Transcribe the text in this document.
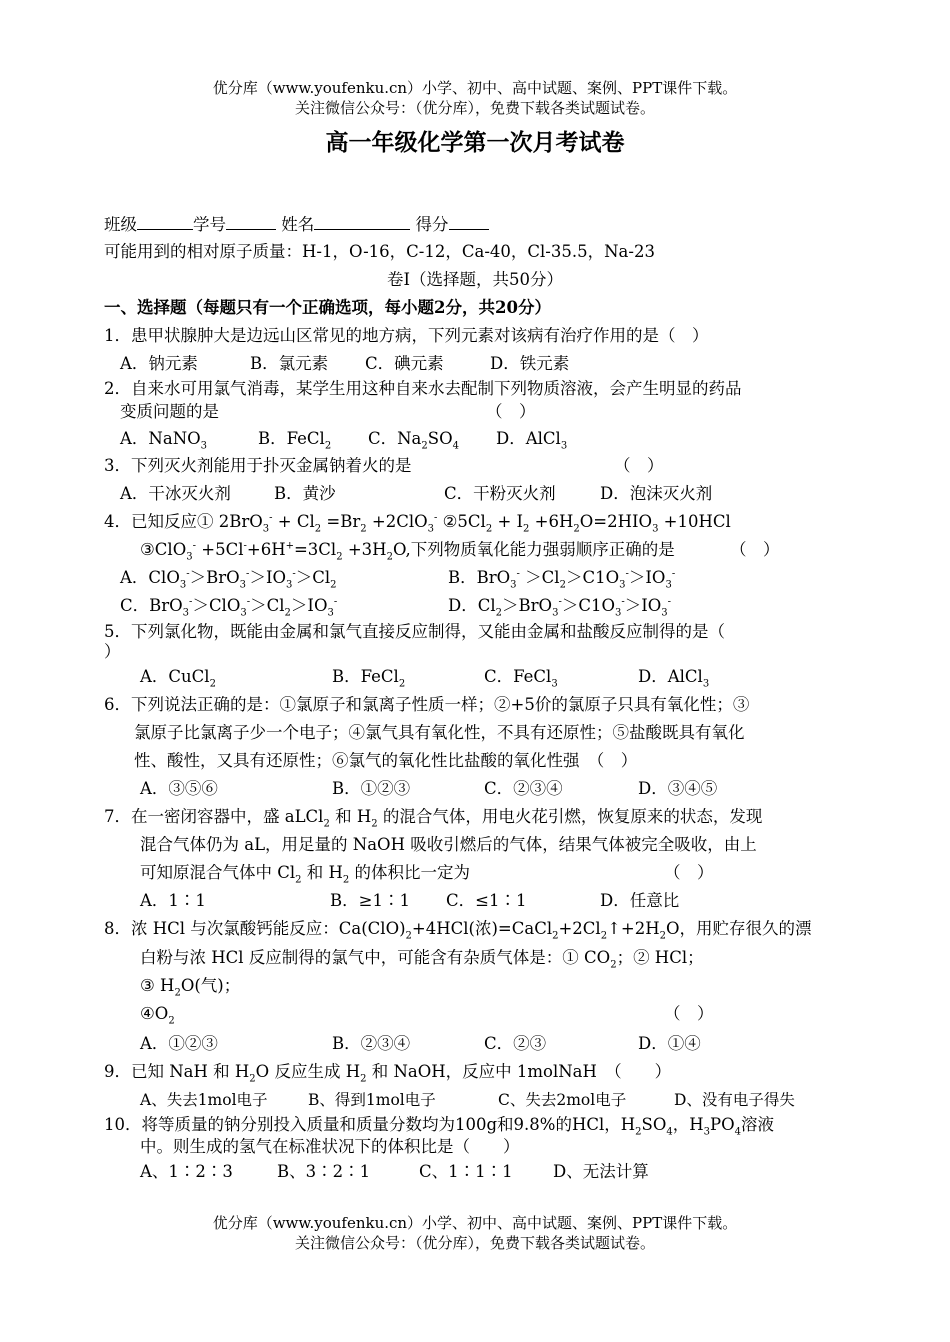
优分库（www.youfenku.cn）小学、初中、高中试题、案例、PPT课件下载。
关注微信公众号：（优分库），免费下载各类试题试卷。
高一年级化学第一次月考试卷
班级	学号	姓名	得分
可能用到的相对原子质量：H-1，O-16，C-12，Ca-40，Cl-35.5，Na-23
卷Ⅰ（选择题，共50分）
一、选择题（每题只有一个正确选项，每小题2分，共20分）
1．患甲状腺肿大是边远山区常见的地方病，下列元素对该病有治疗作用的是（　）
A．钠元素	B．氯元素 C．碘元素	D．铁元素
2．自来水可用氯气消毒，某学生用这种自来水去配制下列物质溶液，会产生明显的药品
变质问题的是	（　）
A．NaNO$_3$	B．FeCl$_2$ C．$Na_2SO_4$ D．AlCl$_3$
3．下列灭火剂能用于扑灭金属钠着火的是	（　）
A．干冰灭火剂	B．黄沙	C．干粉灭火剂	D．泡沫灭火剂
4．已知反应① $2BrO_3^- + Cl_2 =Br_2 +2ClO_3^-$ $②5Cl_2 + I_2 +6H_2O=2HIO_3 +10HCl$
③ClO$_3$- $+5Cl^-+6H^+=3Cl_2 +3H_2O$,下列物质氧化能力强弱顺序正确的是	（　）
A．$ClO_3^->BrO_3^->IO_3^->Cl_2$	B．$BrO_3^- >Cl_2>C1O_3^->IO_3^-$
C．$BrO_3^->ClO_3^->Cl_2>IO_3^-$	D．$Cl_2>BrO_3^->C1O_3^->IO_3^-$
5．下列氯化物，既能由金属和氯气直接反应制得，又能由金属和盐酸反应制得的是（
）
A．CuCl$_2$	B．FeCl$_2$	C．FeCl$_3$	D．AlCl$_3$
6．下列说法正确的是：①氯原子和氯离子性质一样；②+5价的氯原子只具有氧化性；③
氯原子比氯离子少一个电子；④氯气具有氧化性，不具有还原性；⑤盐酸既具有氧化
性、酸性，又具有还原性；⑥氯气的氧化性比盐酸的氧化性强　（　）
A．③⑤⑥	B．①②③	C．②③④	D．③④⑤
7．在一密闭容器中，盛 aLCl$_2$ 和 $H_2$ 的混合气体，用电火花引燃，恢复原来的状态，发现
混合气体仍为 aL，用足量的 NaOH 吸收引燃后的气体，结果气体被完全吸收，由上
可知原混合气体中 $Cl_2$ 和 $H_2$ 的体积比一定为	（　）
A．1∶1	B．≥1∶1 C．≤1∶1	D．任意比
8．浓 HCl 与次氯酸钙能反应：$Ca(ClO)_2+4HCl$(浓)$=CaCl_2+2Cl_2↑+2H_2O$，用贮存很久的漂
白粉与浓 HCl 反应制得的氯气中，可能含有杂质气体是：① $CO_2$；② HCl；
③ $H_2O$(气)；
$④O_2$	（　）
A．①②③	B．②③④	C．②③	D．①④
9．已知 NaH 和 $H_2O$ 反应生成 $H_2$ 和 NaOH，反应中 1molNaH　（　　）
A、失去1mol电子	B、得到1mol电子	C、失去2mol电子	D、没有电子得失
10．将等质量的钠分别投入质量和质量分数均为100g和9.8%的HCl，$H_2SO_4$，$H_3PO_4$溶液
中。则生成的氢气在标准状况下的体积比是（　　）
A、1∶2∶3	B、3∶2∶1	C、1∶1∶1 D、无法计算
优分库（www.youfenku.cn）小学、初中、高中试题、案例、PPT课件下载。
关注微信公众号：（优分库），免费下载各类试题试卷。
